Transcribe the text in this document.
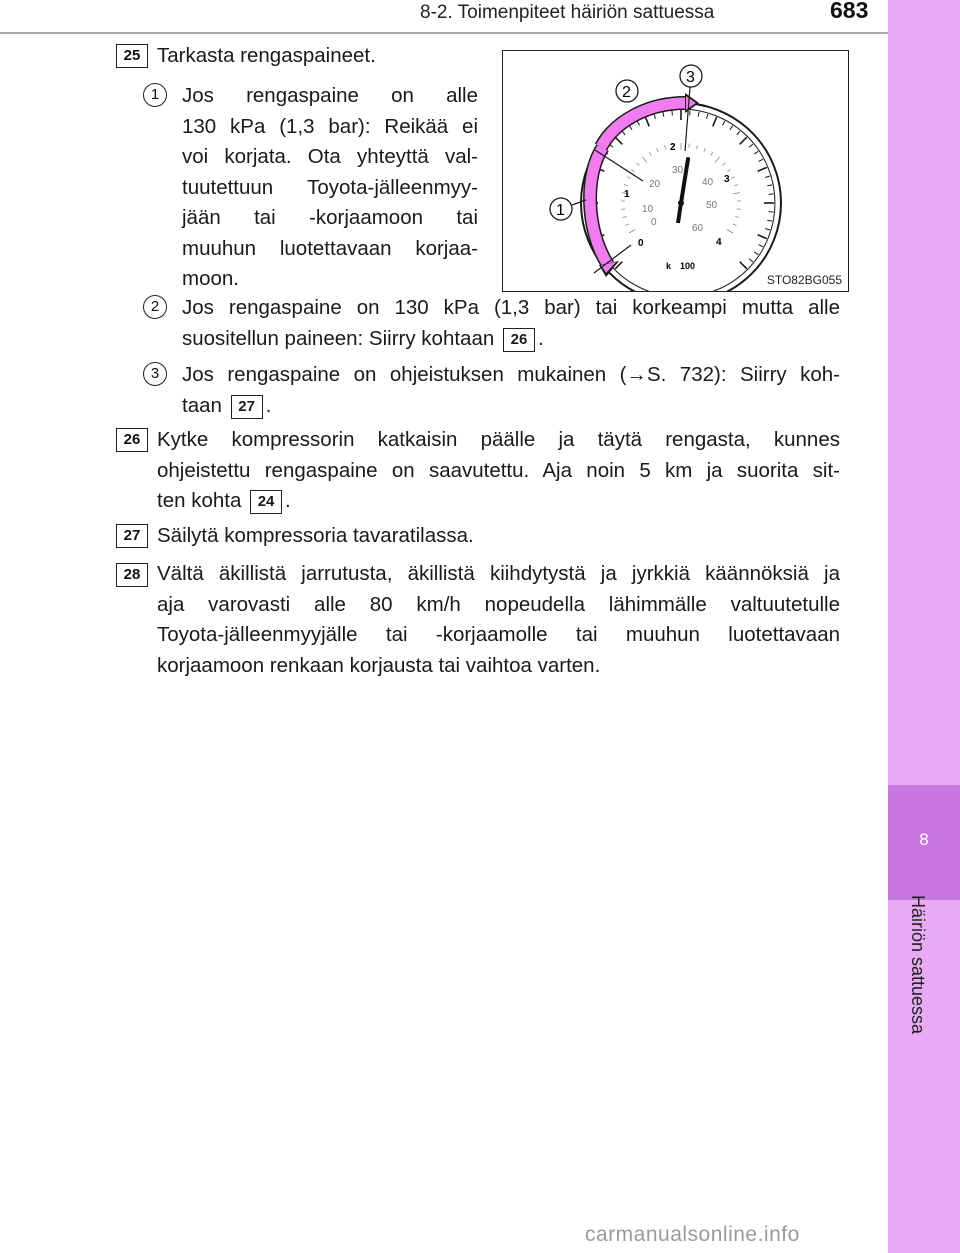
8-2. Toimenpiteet häiriön sattuessa	683
8
Häiriön sattuessa
25 Tarkasta rengaspaineet.
1	Jos rengaspaine on alle
130 kPa (1,3 bar): Reikää ei
voi korjata. Ota yhteyttä val-
tuutettuun Toyota-jälleenmyy-
jään tai -korjaamoon tai
muuhun luotettavaan korjaa-
moon.
0
1
2
3
4
0
10
20
30
40
50
60
k 100
1
2
3
STO82BG055
2	Jos rengaspaine on 130 kPa (1,3 bar) tai korkeampi mutta alle
suositellun paineen: Siirry kohtaan 26 .
3	Jos rengaspaine on ohjeistuksen mukainen (→S. 732): Siirry koh-
taan 27 .
26 Kytke kompressorin katkaisin päälle ja täytä rengasta, kunnes
ohjeistettu rengaspaine on saavutettu. Aja noin 5 km ja suorita sit-
ten kohta 24 .
27 Säilytä kompressoria tavaratilassa.
28 Vältä äkillistä jarrutusta, äkillistä kiihdytystä ja jyrkkiä käännöksiä ja
aja varovasti alle 80 km/h nopeudella lähimmälle valtuutetulle
Toyota-jälleenmyyjälle tai -korjaamolle tai muuhun luotettavaan
korjaamoon renkaan korjausta tai vaihtoa varten.
carmanualsonline.info
